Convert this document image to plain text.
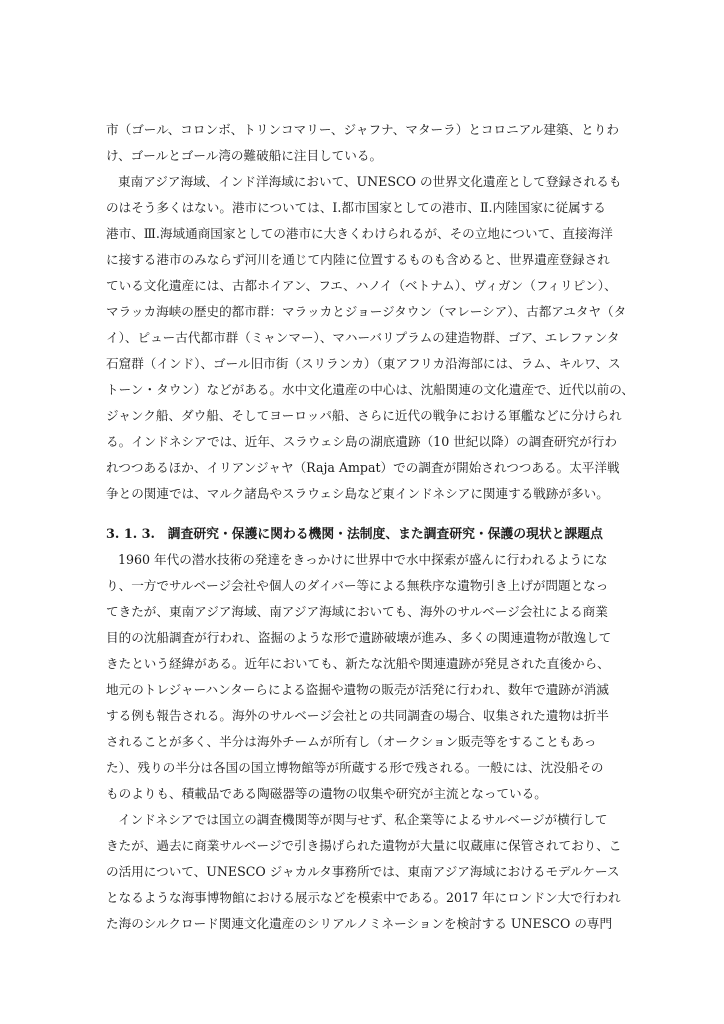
市（ゴール、コロンボ、トリンコマリー、ジャフナ、マターラ）とコロニアル建築、とりわ
け、ゴールとゴール湾の難破船に注目している。
東南アジア海域、インド洋海域において、UNESCO の世界文化遺産として登録されるも
のはそう多くはない。港市については、Ⅰ.都市国家としての港市、Ⅱ.内陸国家に従属する
港市、Ⅲ.海域通商国家としての港市に大きくわけられるが、その立地について、直接海洋
に接する港市のみならず河川を通じて内陸に位置するものも含めると、世界遺産登録され
ている文化遺産には、古都ホイアン、フエ、ハノイ（ベトナム）、ヴィガン（フィリピン）、
マラッカ海峡の歴史的都市群：マラッカとジョージタウン（マレーシア）、古都アユタヤ（タ
イ）、ピュー古代都市群（ミャンマー）、マハーバリプラムの建造物群、ゴア、エレファンタ
石窟群（インド）、ゴール旧市街（スリランカ）（東アフリカ沿海部には、ラム、キルワ、ス
トーン・タウン）などがある。水中文化遺産の中心は、沈船関連の文化遺産で、近代以前の、
ジャンク船、ダウ船、そしてヨーロッパ船、さらに近代の戦争における軍艦などに分けられ
る。インドネシアでは、近年、スラウェシ島の湖底遺跡（10 世紀以降）の調査研究が行わ
れつつあるほか、イリアンジャヤ（Raja Ampat）での調査が開始されつつある。太平洋戦
争との関連では、マルク諸島やスラウェシ島など東インドネシアに関連する戦跡が多い。
3. 1. 3.　調査研究・保護に関わる機関・法制度、また調査研究・保護の現状と課題点
1960 年代の潜水技術の発達をきっかけに世界中で水中探索が盛んに行われるようにな
り、一方でサルベージ会社や個人のダイバー等による無秩序な遺物引き上げが問題となっ
てきたが、東南アジア海域、南アジア海域においても、海外のサルベージ会社による商業
目的の沈船調査が行われ、盗掘のような形で遺跡破壊が進み、多くの関連遺物が散逸して
きたという経緯がある。近年においても、新たな沈船や関連遺跡が発見された直後から、
地元のトレジャーハンターらによる盗掘や遺物の販売が活発に行われ、数年で遺跡が消滅
する例も報告される。海外のサルベージ会社との共同調査の場合、収集された遺物は折半
されることが多く、半分は海外チームが所有し（オークション販売等をすることもあっ
た）、残りの半分は各国の国立博物館等が所蔵する形で残される。一般には、沈没船その
ものよりも、積載品である陶磁器等の遺物の収集や研究が主流となっている。
インドネシアでは国立の調査機関等が関与せず、私企業等によるサルベージが横行して
きたが、過去に商業サルベージで引き揚げられた遺物が大量に収蔵庫に保管されており、こ
の活用について、UNESCO ジャカルタ事務所では、東南アジア海域におけるモデルケース
となるような海事博物館における展示などを模索中である。2017 年にロンドン大で行われ
た海のシルクロード関連文化遺産のシリアルノミネーションを検討する UNESCO の専門
